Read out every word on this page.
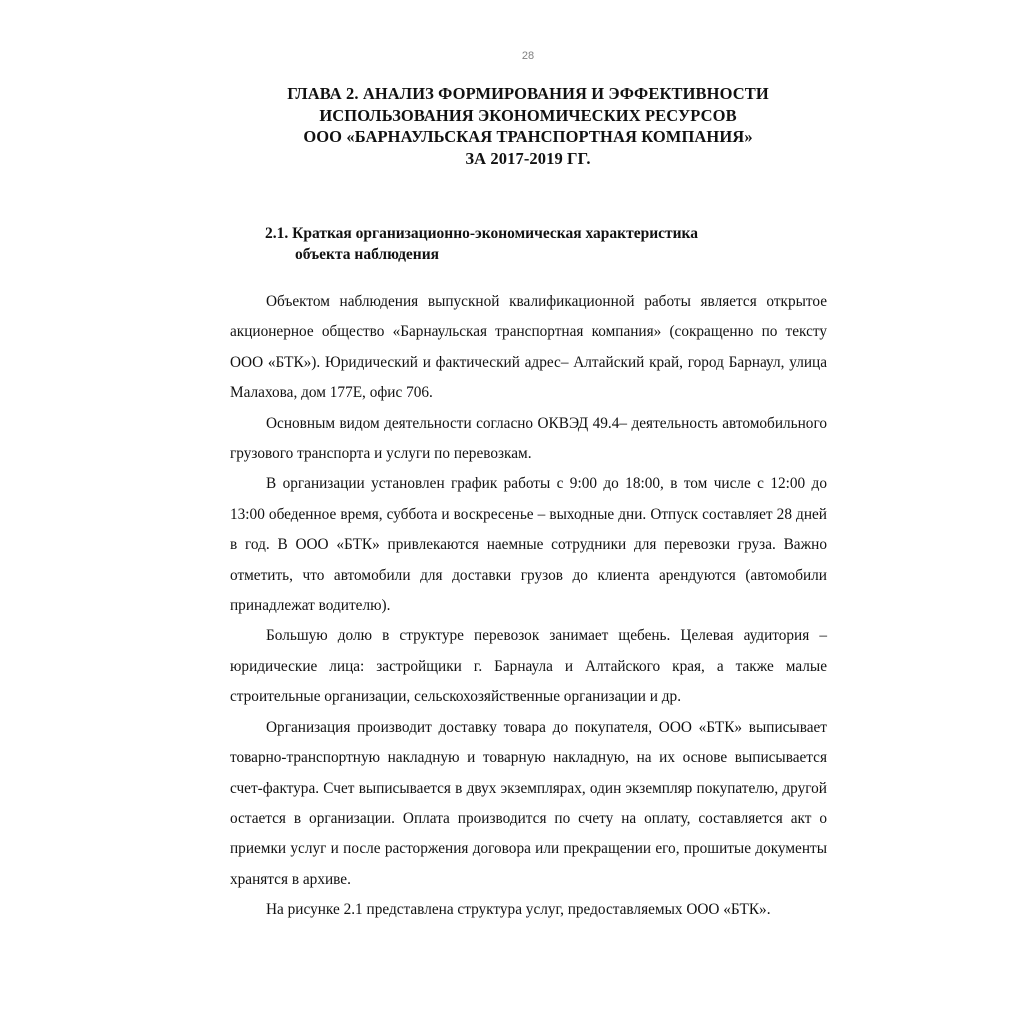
28
ГЛАВА 2. АНАЛИЗ ФОРМИРОВАНИЯ И ЭФФЕКТИВНОСТИ
ИСПОЛЬЗОВАНИЯ ЭКОНОМИЧЕСКИХ РЕСУРСОВ
ООО «БАРНАУЛЬСКАЯ ТРАНСПОРТНАЯ КОМПАНИЯ»
ЗА 2017-2019 ГГ.
2.1. Краткая организационно-экономическая характеристика
объекта наблюдения

Объектом наблюдения выпускной квалификационной работы является открытое акционерное общество «Барнаульская транспортная компания» (сокращенно по тексту ООО «БТК»). Юридический и фактический адрес– Алтайский край, город Барнаул, улица Малахова, дом 177Е, офис 706.

Основным видом деятельности согласно ОКВЭД 49.4– деятельность автомобильного грузового транспорта и услуги по перевозкам.

В организации установлен график работы с 9:00 до 18:00, в том числе с 12:00 до 13:00 обеденное время, суббота и воскресенье – выходные дни. Отпуск составляет 28 дней в год. В ООО «БТК» привлекаются наемные сотрудники для перевозки груза. Важно отметить, что автомобили для доставки грузов до клиента арендуются (автомобили принадлежат водителю).

Большую долю в структуре перевозок занимает щебень. Целевая аудитория – юридические лица: застройщики г. Барнаула и Алтайского края, а также малые строительные организации, сельскохозяйственные организации и др.

Организация производит доставку товара до покупателя, ООО «БТК» выписывает товарно-транспортную накладную и товарную накладную, на их основе выписывается счет-фактура. Счет выписывается в двух экземплярах, один экземпляр покупателю, другой остается в организации. Оплата производится по счету на оплату, составляется акт о приемки услуг и после расторжения договора или прекращении его, прошитые документы хранятся в архиве.

На рисунке 2.1 представлена структура услуг, предоставляемых ООО «БТК».
